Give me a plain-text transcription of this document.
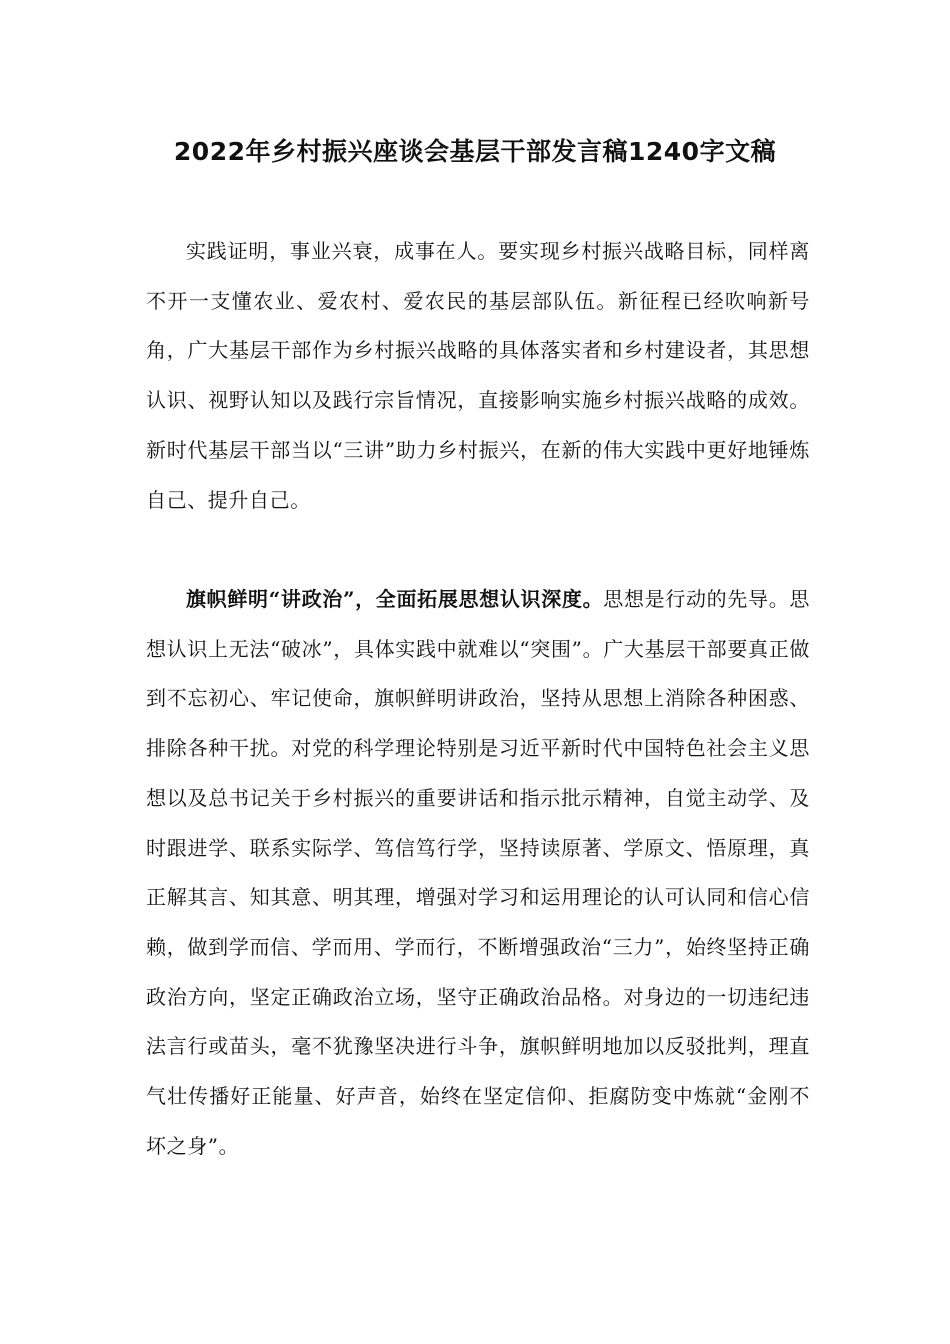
2022年乡村振兴座谈会基层干部发言稿1240字文稿

实践证明，事业兴衰，成事在人。要实现乡村振兴战略目标，同样离不开一支懂农业、爱农村、爱农民的基层部队伍。新征程已经吹响新号角，广大基层干部作为乡村振兴战略的具体落实者和乡村建设者，其思想认识、视野认知以及践行宗旨情况，直接影响实施乡村振兴战略的成效。新时代基层干部当以“三讲”助力乡村振兴，在新的伟大实践中更好地锤炼自己、提升自己。

旗帜鲜明“讲政治”，全面拓展思想认识深度。思想是行动的先导。思想认识上无法“破冰”，具体实践中就难以“突围”。广大基层干部要真正做到不忘初心、牢记使命，旗帜鲜明讲政治，坚持从思想上消除各种困惑、排除各种干扰。对党的科学理论特别是习近平新时代中国特色社会主义思想以及总书记关于乡村振兴的重要讲话和指示批示精神，自觉主动学、及时跟进学、联系实际学、笃信笃行学，坚持读原著、学原文、悟原理，真正解其言、知其意、明其理，增强对学习和运用理论的认可认同和信心信赖，做到学而信、学而用、学而行，不断增强政治“三力”，始终坚持正确政治方向，坚定正确政治立场，坚守正确政治品格。对身边的一切违纪违法言行或苗头，毫不犹豫坚决进行斗争，旗帜鲜明地加以反驳批判，理直气壮传播好正能量、好声音，始终在坚定信仰、拒腐防变中炼就“金刚不坏之身”。
